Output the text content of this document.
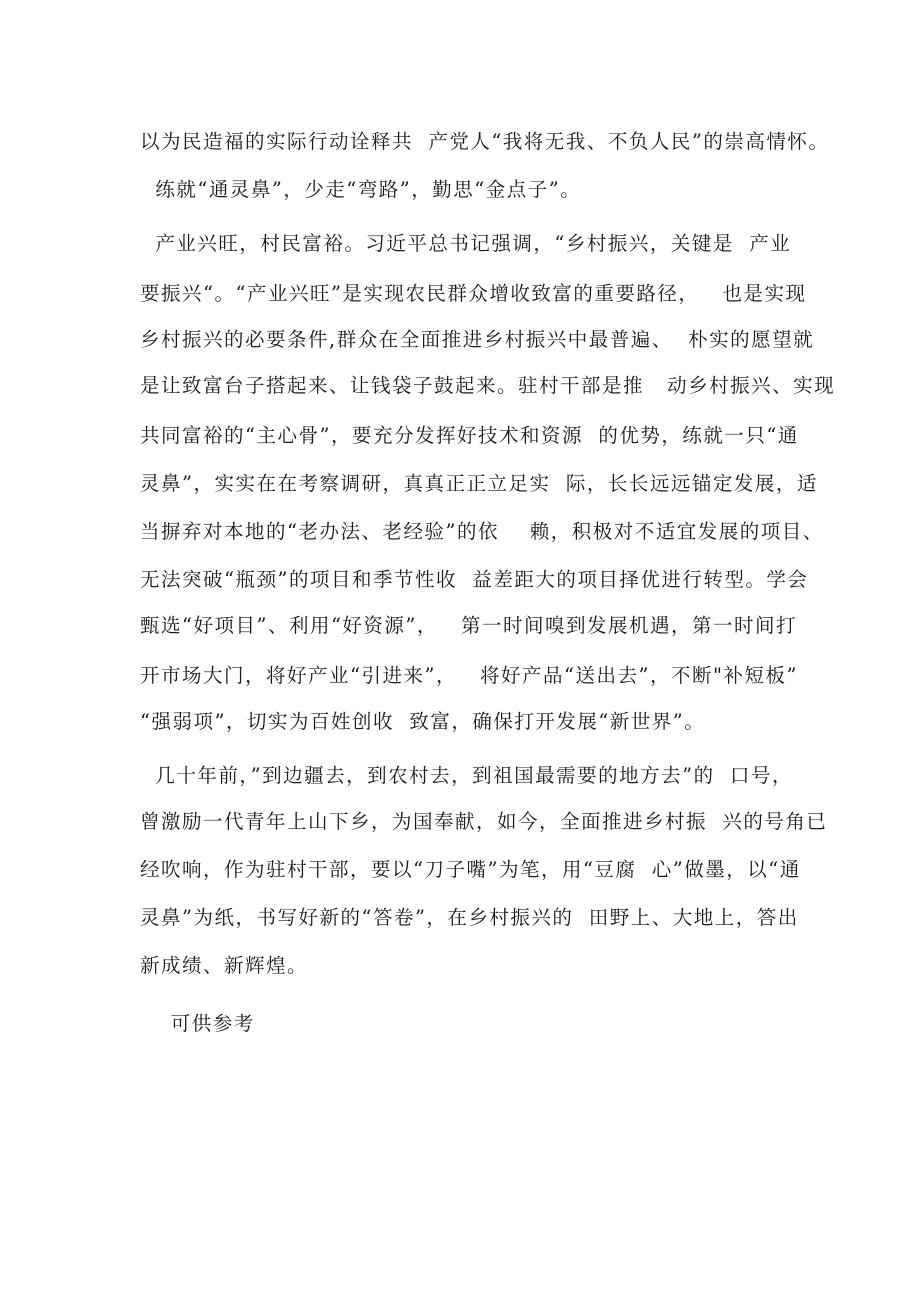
以为民造福的实际行动诠释共  产党人“我将无我、不负人民”的崇高情怀。
练就“通灵鼻”，少走“弯路”，勤思“金点子”。
产业兴旺，村民富裕。习近平总书记强调，“乡村振兴，关键是  产业
要振兴“。“产业兴旺”是实现农民群众增收致富的重要路径，   也是实现
乡村振兴的必要条件,群众在全面推进乡村振兴中最普遍、  朴实的愿望就
是让致富台子搭起来、让钱袋子鼓起来。驻村干部是推   动乡村振兴、实现
共同富裕的“主心骨”，要充分发挥好技术和资源  的优势，练就一只“通
灵鼻”，实实在在考察调研，真真正正立足实  际，长长远远锚定发展，适
当摒弃对本地的“老办法、老经验”的依    赖，积极对不适宜发展的项目、
无法突破“瓶颈”的项目和季节性收  益差距大的项目择优进行转型。学会
甄选“好项目”、利用“好资源”，   第一时间嗅到发展机遇，第一时间打
开市场大门，将好产业“引进来”，   将好产品“送出去”，不断"补短板”
“强弱项”，切实为百姓创收  致富，确保打开发展“新世界”。
几十年前，”到边疆去，到农村去，到祖国最需要的地方去”的  口号，
曾激励一代青年上山下乡，为国奉献，如今，全面推进乡村振  兴的号角已
经吹响，作为驻村干部，要以“刀子嘴”为笔，用“豆腐  心”做墨，以“通
灵鼻”为纸，书写好新的“答卷”，在乡村振兴的  田野上、大地上，答出
新成绩、新辉煌。
可供参考
